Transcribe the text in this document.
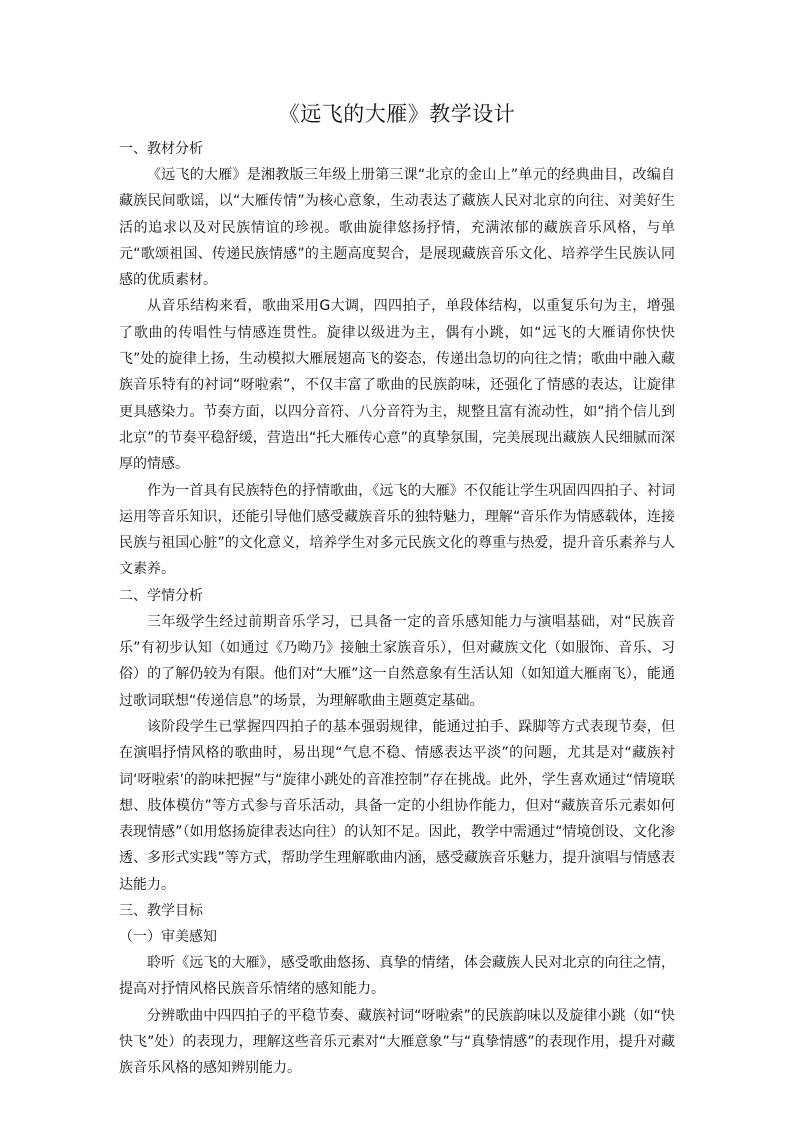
《远飞的大雁》教学设计

一、教材分析

《远飞的大雁》是湘教版三年级上册第三课“北京的金山上”单元的经典曲目，改编自藏族民间歌谣，以“大雁传情”为核心意象，生动表达了藏族人民对北京的向往、对美好生活的追求以及对民族情谊的珍视。歌曲旋律悠扬抒情，充满浓郁的藏族音乐风格，与单元“歌颂祖国、传递民族情感”的主题高度契合，是展现藏族音乐文化、培养学生民族认同感的优质素材。

从音乐结构来看，歌曲采用G大调，四四拍子，单段体结构，以重复乐句为主，增强了歌曲的传唱性与情感连贯性。旋律以级进为主，偶有小跳，如“远飞的大雁请你快快飞”处的旋律上扬，生动模拟大雁展翅高飞的姿态，传递出急切的向往之情；歌曲中融入藏族音乐特有的衬词“呀啦索”，不仅丰富了歌曲的民族韵味，还强化了情感的表达，让旋律更具感染力。节奏方面，以四分音符、八分音符为主，规整且富有流动性，如“捎个信儿到北京”的节奏平稳舒缓，营造出“托大雁传心意”的真挚氛围，完美展现出藏族人民细腻而深厚的情感。

作为一首具有民族特色的抒情歌曲，《远飞的大雁》不仅能让学生巩固四四拍子、衬词运用等音乐知识，还能引导他们感受藏族音乐的独特魅力，理解“音乐作为情感载体，连接民族与祖国心脏”的文化意义，培养学生对多元民族文化的尊重与热爱，提升音乐素养与人文素养。

二、学情分析

三年级学生经过前期音乐学习，已具备一定的音乐感知能力与演唱基础，对“民族音乐”有初步认知（如通过《乃呦乃》接触土家族音乐），但对藏族文化（如服饰、音乐、习俗）的了解仍较为有限。他们对“大雁”这一自然意象有生活认知（如知道大雁南飞），能通过歌词联想“传递信息”的场景，为理解歌曲主题奠定基础。

该阶段学生已掌握四四拍子的基本强弱规律，能通过拍手、跺脚等方式表现节奏，但在演唱抒情风格的歌曲时，易出现“气息不稳、情感表达平淡”的问题，尤其是对“藏族衬词‘呀啦索’的韵味把握”与“旋律小跳处的音准控制”存在挑战。此外，学生喜欢通过“情境联想、肢体模仿”等方式参与音乐活动，具备一定的小组协作能力，但对“藏族音乐元素如何表现情感”（如用悠扬旋律表达向往）的认知不足。因此，教学中需通过“情境创设、文化渗透、多形式实践”等方式，帮助学生理解歌曲内涵，感受藏族音乐魅力，提升演唱与情感表达能力。

三、教学目标

（一）审美感知

聆听《远飞的大雁》，感受歌曲悠扬、真挚的情绪，体会藏族人民对北京的向往之情，提高对抒情风格民族音乐情绪的感知能力。

分辨歌曲中四四拍子的平稳节奏、藏族衬词“呀啦索”的民族韵味以及旋律小跳（如“快快飞”处）的表现力，理解这些音乐元素对“大雁意象”与“真挚情感”的表现作用，提升对藏族音乐风格的感知辨别能力。
